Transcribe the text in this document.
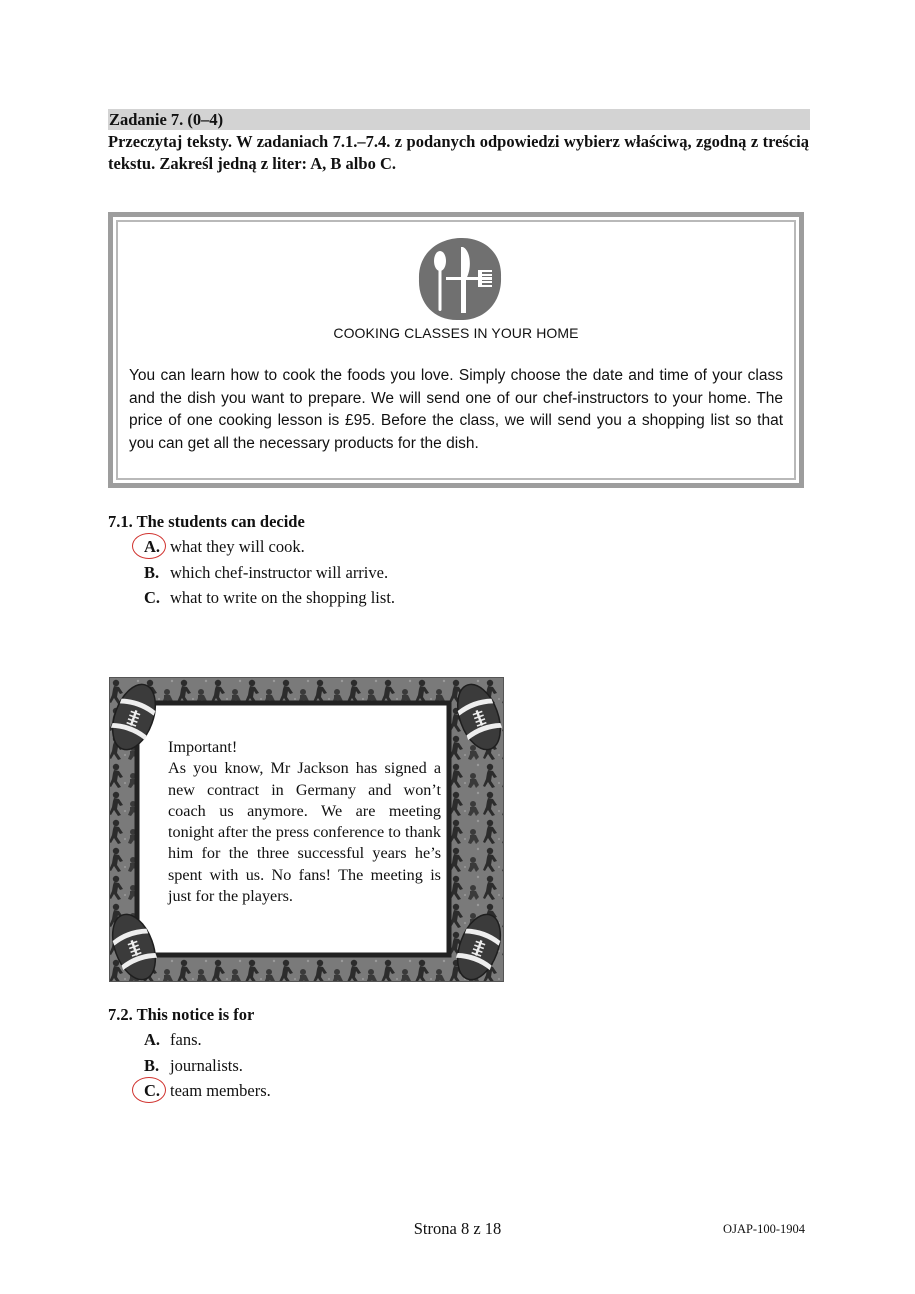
Zadanie 7. (0–4)
Przeczytaj teksty. W zadaniach 7.1.–7.4. z podanych odpowiedzi wybierz właściwą, zgodną z treścią tekstu. Zakreśl jedną z liter: A, B albo C.
COOKING CLASSES IN YOUR HOME
You can learn how to cook the foods you love. Simply choose the date and time of your class and the dish you want to prepare. We will send one of our chef-instructors to your home. The price of one cooking lesson is £95. Before the class, we will send you a shopping list so that you can get all the necessary products for the dish.
7.1. The students can decide
A. what they will cook.
B. which chef-instructor will arrive.
C. what to write on the shopping list.
Important!
As you know, Mr Jackson has signed a new contract in Germany and won’t coach us anymore. We are meeting tonight after the press conference to thank him for the three successful years he’s spent with us. No fans! The meeting is just for the players.
7.2. This notice is for
A. fans.
B. journalists.
C. team members.
Strona 8 z 18	OJAP-100-1904
